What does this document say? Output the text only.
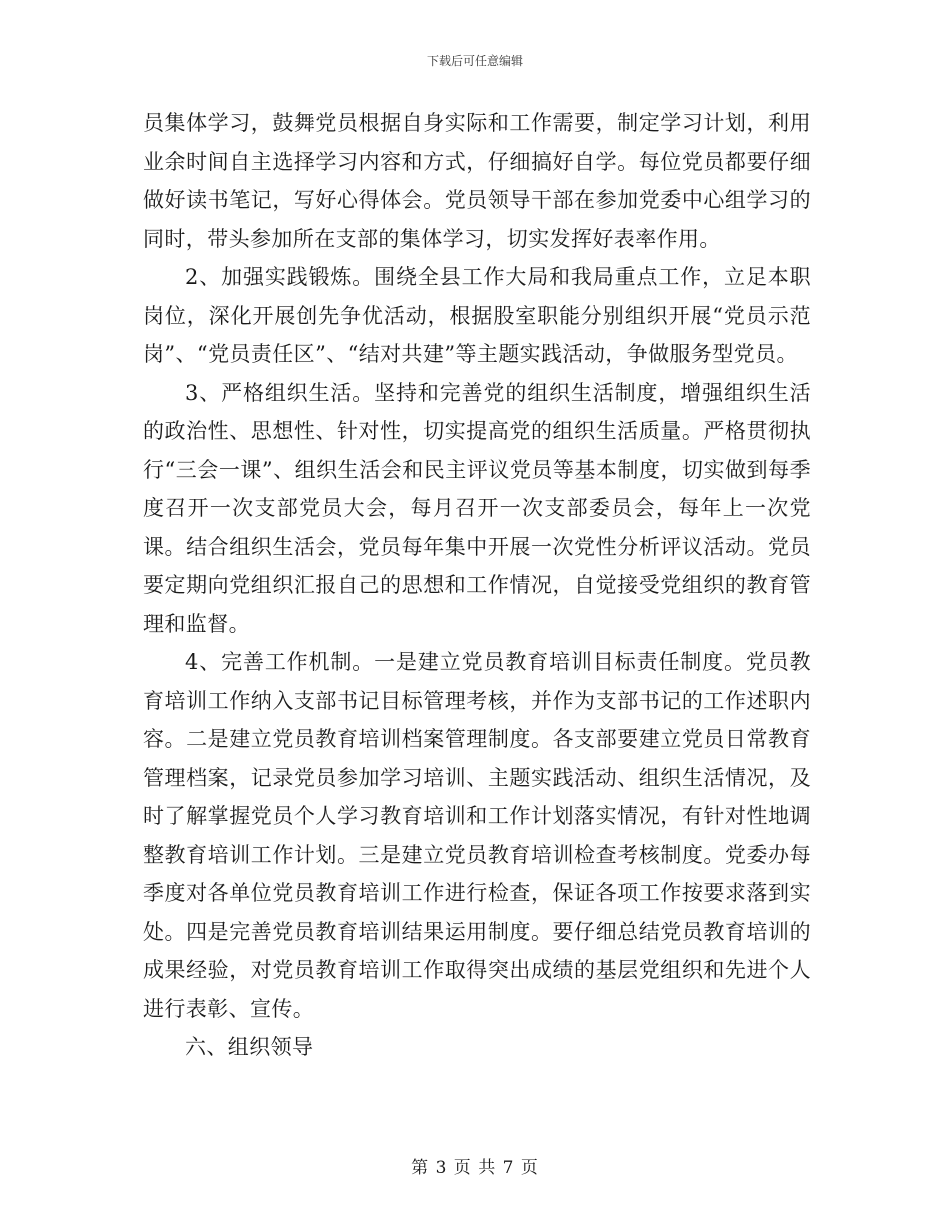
下载后可任意编辑

员集体学习，鼓舞党员根据自身实际和工作需要，制定学习计划，利用业余时间自主选择学习内容和方式，仔细搞好自学。每位党员都要仔细做好读书笔记，写好心得体会。党员领导干部在参加党委中心组学习的同时，带头参加所在支部的集体学习，切实发挥好表率作用。

2、加强实践锻炼。围绕全县工作大局和我局重点工作，立足本职岗位，深化开展创先争优活动，根据股室职能分别组织开展“党员示范岗”、“党员责任区”、“结对共建”等主题实践活动，争做服务型党员。

3、严格组织生活。坚持和完善党的组织生活制度，增强组织生活的政治性、思想性、针对性，切实提高党的组织生活质量。严格贯彻执行“三会一课”、组织生活会和民主评议党员等基本制度，切实做到每季度召开一次支部党员大会，每月召开一次支部委员会，每年上一次党课。结合组织生活会，党员每年集中开展一次党性分析评议活动。党员要定期向党组织汇报自己的思想和工作情况，自觉接受党组织的教育管理和监督。

4、完善工作机制。一是建立党员教育培训目标责任制度。党员教育培训工作纳入支部书记目标管理考核，并作为支部书记的工作述职内容。二是建立党员教育培训档案管理制度。各支部要建立党员日常教育管理档案，记录党员参加学习培训、主题实践活动、组织生活情况，及时了解掌握党员个人学习教育培训和工作计划落实情况，有针对性地调整教育培训工作计划。三是建立党员教育培训检查考核制度。党委办每季度对各单位党员教育培训工作进行检查，保证各项工作按要求落到实处。四是完善党员教育培训结果运用制度。要仔细总结党员教育培训的成果经验，对党员教育培训工作取得突出成绩的基层党组织和先进个人进行表彰、宣传。

六、组织领导

第 3 页 共 7 页
